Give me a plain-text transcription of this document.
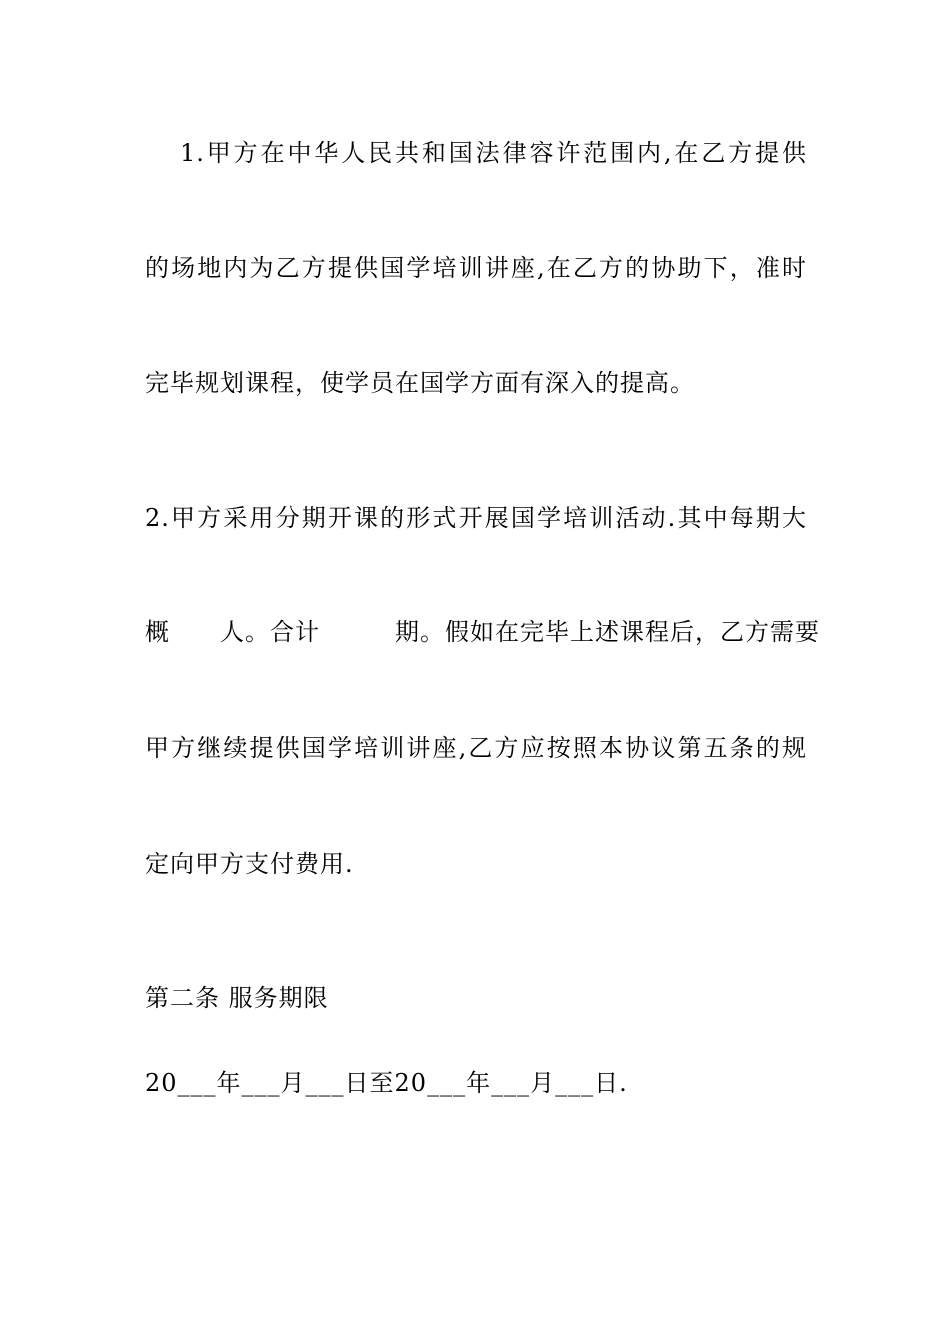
1.甲方在中华人民共和国法律容许范围内,在乙方提供
的场地内为乙方提供国学培训讲座,在乙方的协助下，准时
完毕规划课程，使学员在国学方面有深入的提高。
2.甲方采用分期开课的形式开展国学培训活动.其中每期大
概　　人。合计　　　期。假如在完毕上述课程后，乙方需要
甲方继续提供国学培训讲座,乙方应按照本协议第五条的规
定向甲方支付费用.
第二条 服务期限
20___年___月___日至20___年___月___日.
